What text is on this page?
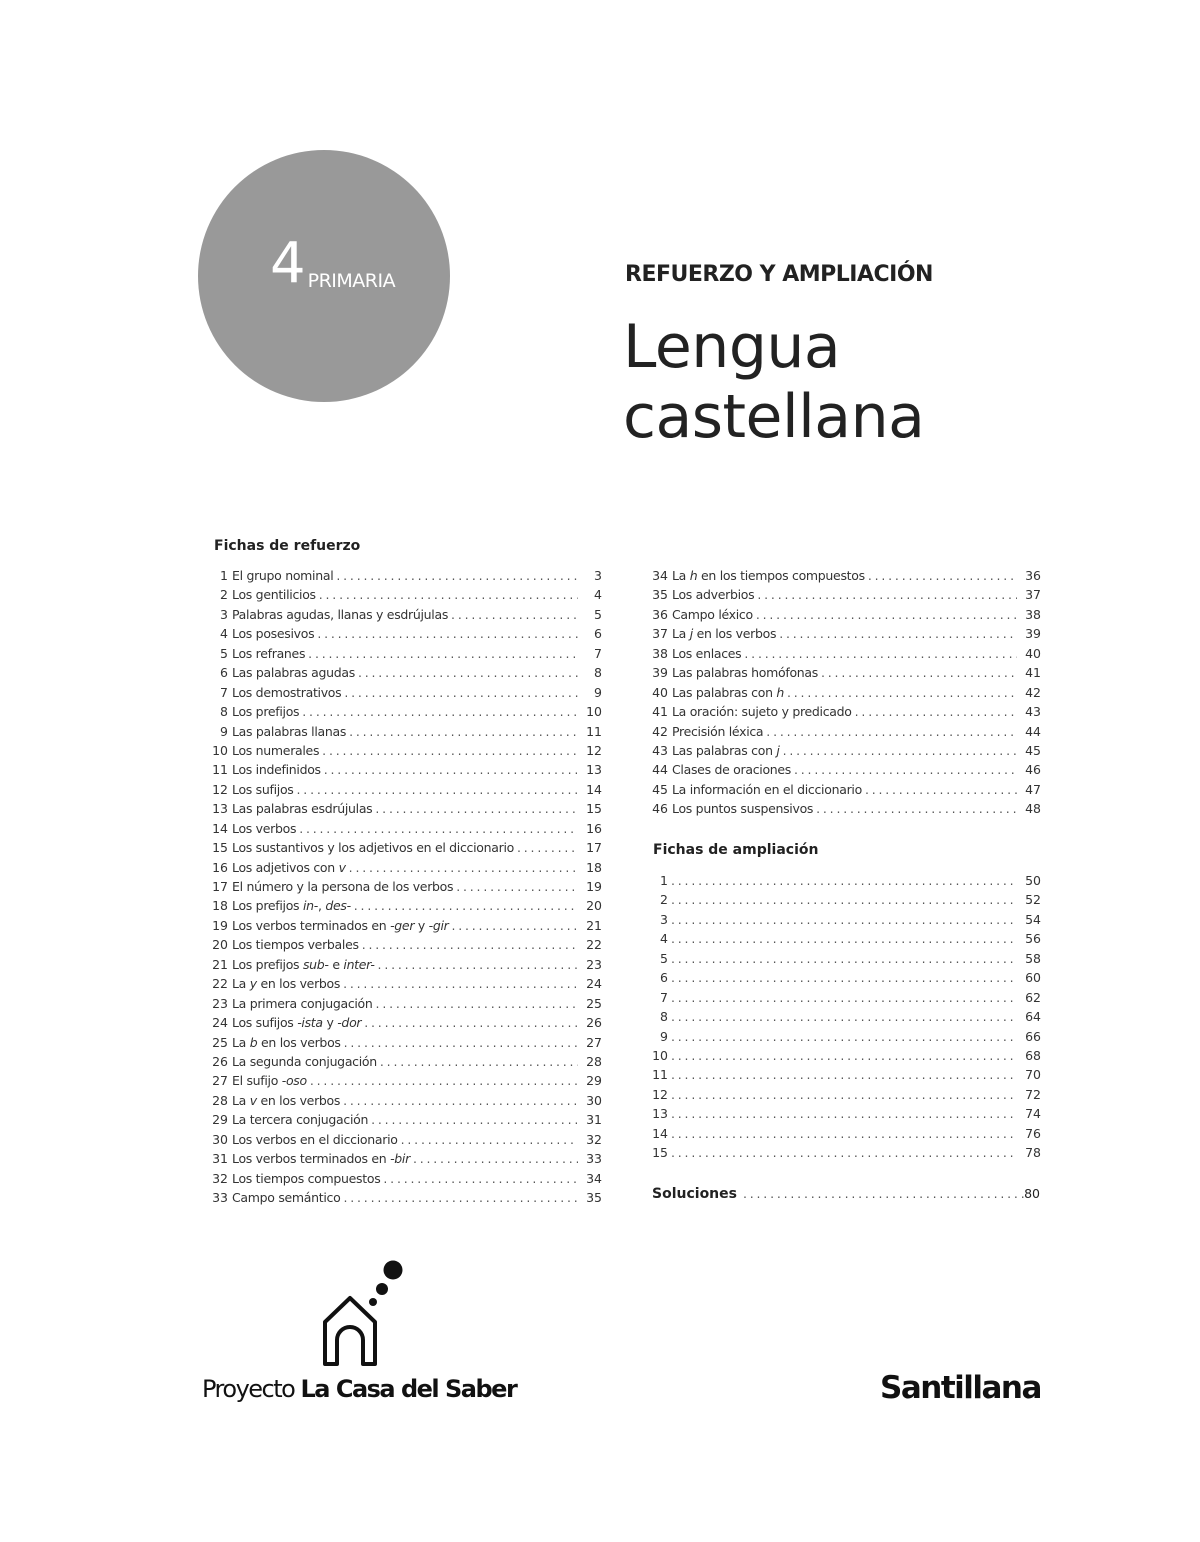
4 PRIMARIA	REFUERZO Y AMPLIACIÓN
Lengua
castellana
Fichas de refuerzo
1 El grupo nominal .....	3
2 Los gentilicios .....	4
3 Palabras agudas, llanas y esdrújulas .....	5
4 Los posesivos .....	6
5 Los refranes .....	7
6 Las palabras agudas .....	8
7 Los demostrativos .....	9
8 Los prefijos .....	10
9 Las palabras llanas .....	11
10 Los numerales .....	12
11 Los indefinidos .....	13
12 Los sufijos .....	14
13 Las palabras esdrújulas .....	15
14 Los verbos .....	16
15 Los sustantivos y los adjetivos en el diccionario .....	17
16 Los adjetivos con v .....	18
17 El número y la persona de los verbos .....	19
18 Los prefijos in-, des- .....	20
19 Los verbos terminados en -ger y -gir .....	21
20 Los tiempos verbales .....	22
21 Los prefijos sub- e inter- .....	23
22 La y en los verbos .....	24
23 La primera conjugación .....	25
24 Los sufijos -ista y -dor .....	26
25 La b en los verbos .....	27
26 La segunda conjugación .....	28
27 El sufijo -oso .....	29
28 La v en los verbos .....	30
29 La tercera conjugación .....	31
30 Los verbos en el diccionario .....	32
31 Los verbos terminados en -bir .....	33
32 Los tiempos compuestos .....	34
33 Campo semántico .....	35
34 La h en los tiempos compuestos .....	36
35 Los adverbios .....	37
36 Campo léxico .....	38
37 La j en los verbos .....	39
38 Los enlaces .....	40
39 Las palabras homófonas .....	41
40 Las palabras con h .....	42
41 La oración: sujeto y predicado .....	43
42 Precisión léxica .....	44
43 Las palabras con j .....	45
44 Clases de oraciones .....	46
45 La información en el diccionario .....	47
46 Los puntos suspensivos .....	48
Fichas de ampliación
1 .....	50
2 .....	52
3 .....	54
4 .....	56
5 .....	58
6 .....	60
7 .....	62
8 .....	64
9 .....	66
10 .....	68
11 .....	70
12 .....	72
13 .....	74
14 .....	76
15 .....	78
Soluciones .....	80
Proyecto La Casa del Saber	Santillana
